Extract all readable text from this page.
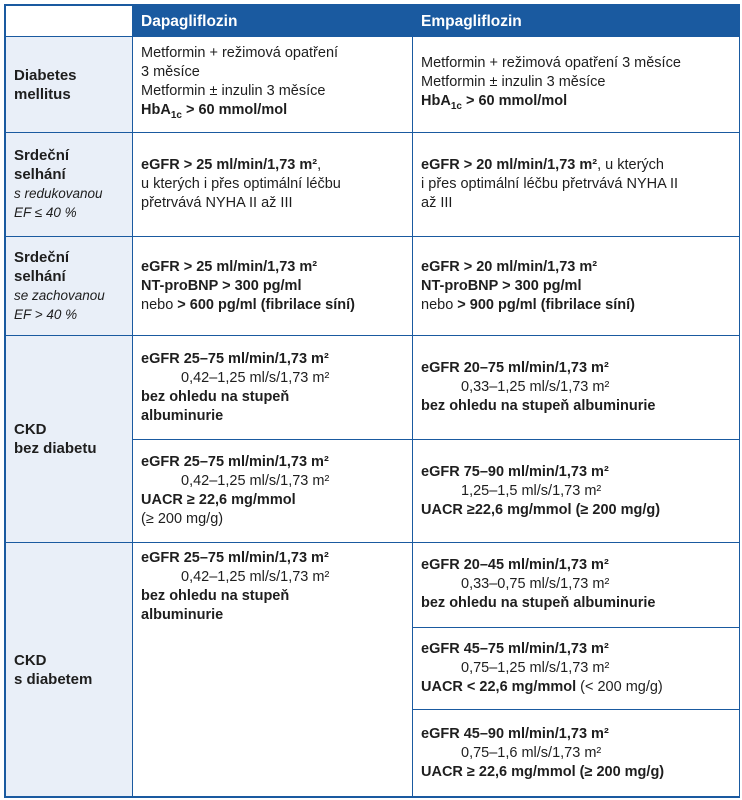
	Dapagliflozin	Empagliflozin

Diabetes
mellitus	Metformin + režimová opatření
3 měsíce
Metformin ± inzulin 3 měsíce
HbA$_{1c}$ > 60 mmol/mol	Metformin + režimová opatření 3 měsíce
Metformin ± inzulin 3 měsíce
HbA$_{1c}$ > 60 mmol/mol

Srdeční
selhání
s redukovanou
EF ≤ 40 %	eGFR > 25 ml/min/1,73 m²,
u kterých i přes optimální léčbu
přetrvává NYHA II až III	eGFR > 20 ml/min/1,73 m², u kterých
i přes optimální léčbu přetrvává NYHA II
až III

Srdeční
selhání
se zachovanou
EF > 40 %	eGFR > 25 ml/min/1,73 m²
NT-proBNP > 300 pg/ml
nebo > 600 pg/ml (fibrilace síní)	eGFR > 20 ml/min/1,73 m²
NT-proBNP > 300 pg/ml
nebo > 900 pg/ml (fibrilace síní)

CKD
bez diabetu	eGFR 25–75 ml/min/1,73 m²
0,42–1,25 ml/s/1,73 m²
bez ohledu na stupeň
albuminurie	eGFR 20–75 ml/min/1,73 m²
0,33–1,25 ml/s/1,73 m²
bez ohledu na stupeň albuminurie

	eGFR 25–75 ml/min/1,73 m²
0,42–1,25 ml/s/1,73 m²
UACR ≥ 22,6 mg/mmol
(≥ 200 mg/g)	eGFR 75–90 ml/min/1,73 m²
1,25–1,5 ml/s/1,73 m²
UACR ≥22,6 mg/mmol (≥ 200 mg/g)

CKD
s diabetem	eGFR 25–75 ml/min/1,73 m²
0,42–1,25 ml/s/1,73 m²
bez ohledu na stupeň
albuminurie	eGFR 20–45 ml/min/1,73 m²
0,33–0,75 ml/s/1,73 m²
bez ohledu na stupeň albuminurie

		eGFR 45–75 ml/min/1,73 m²
0,75–1,25 ml/s/1,73 m²
UACR < 22,6 mg/mmol (< 200 mg/g)

		eGFR 45–90 ml/min/1,73 m²
0,75–1,6 ml/s/1,73 m²
UACR ≥ 22,6 mg/mmol (≥ 200 mg/g)
